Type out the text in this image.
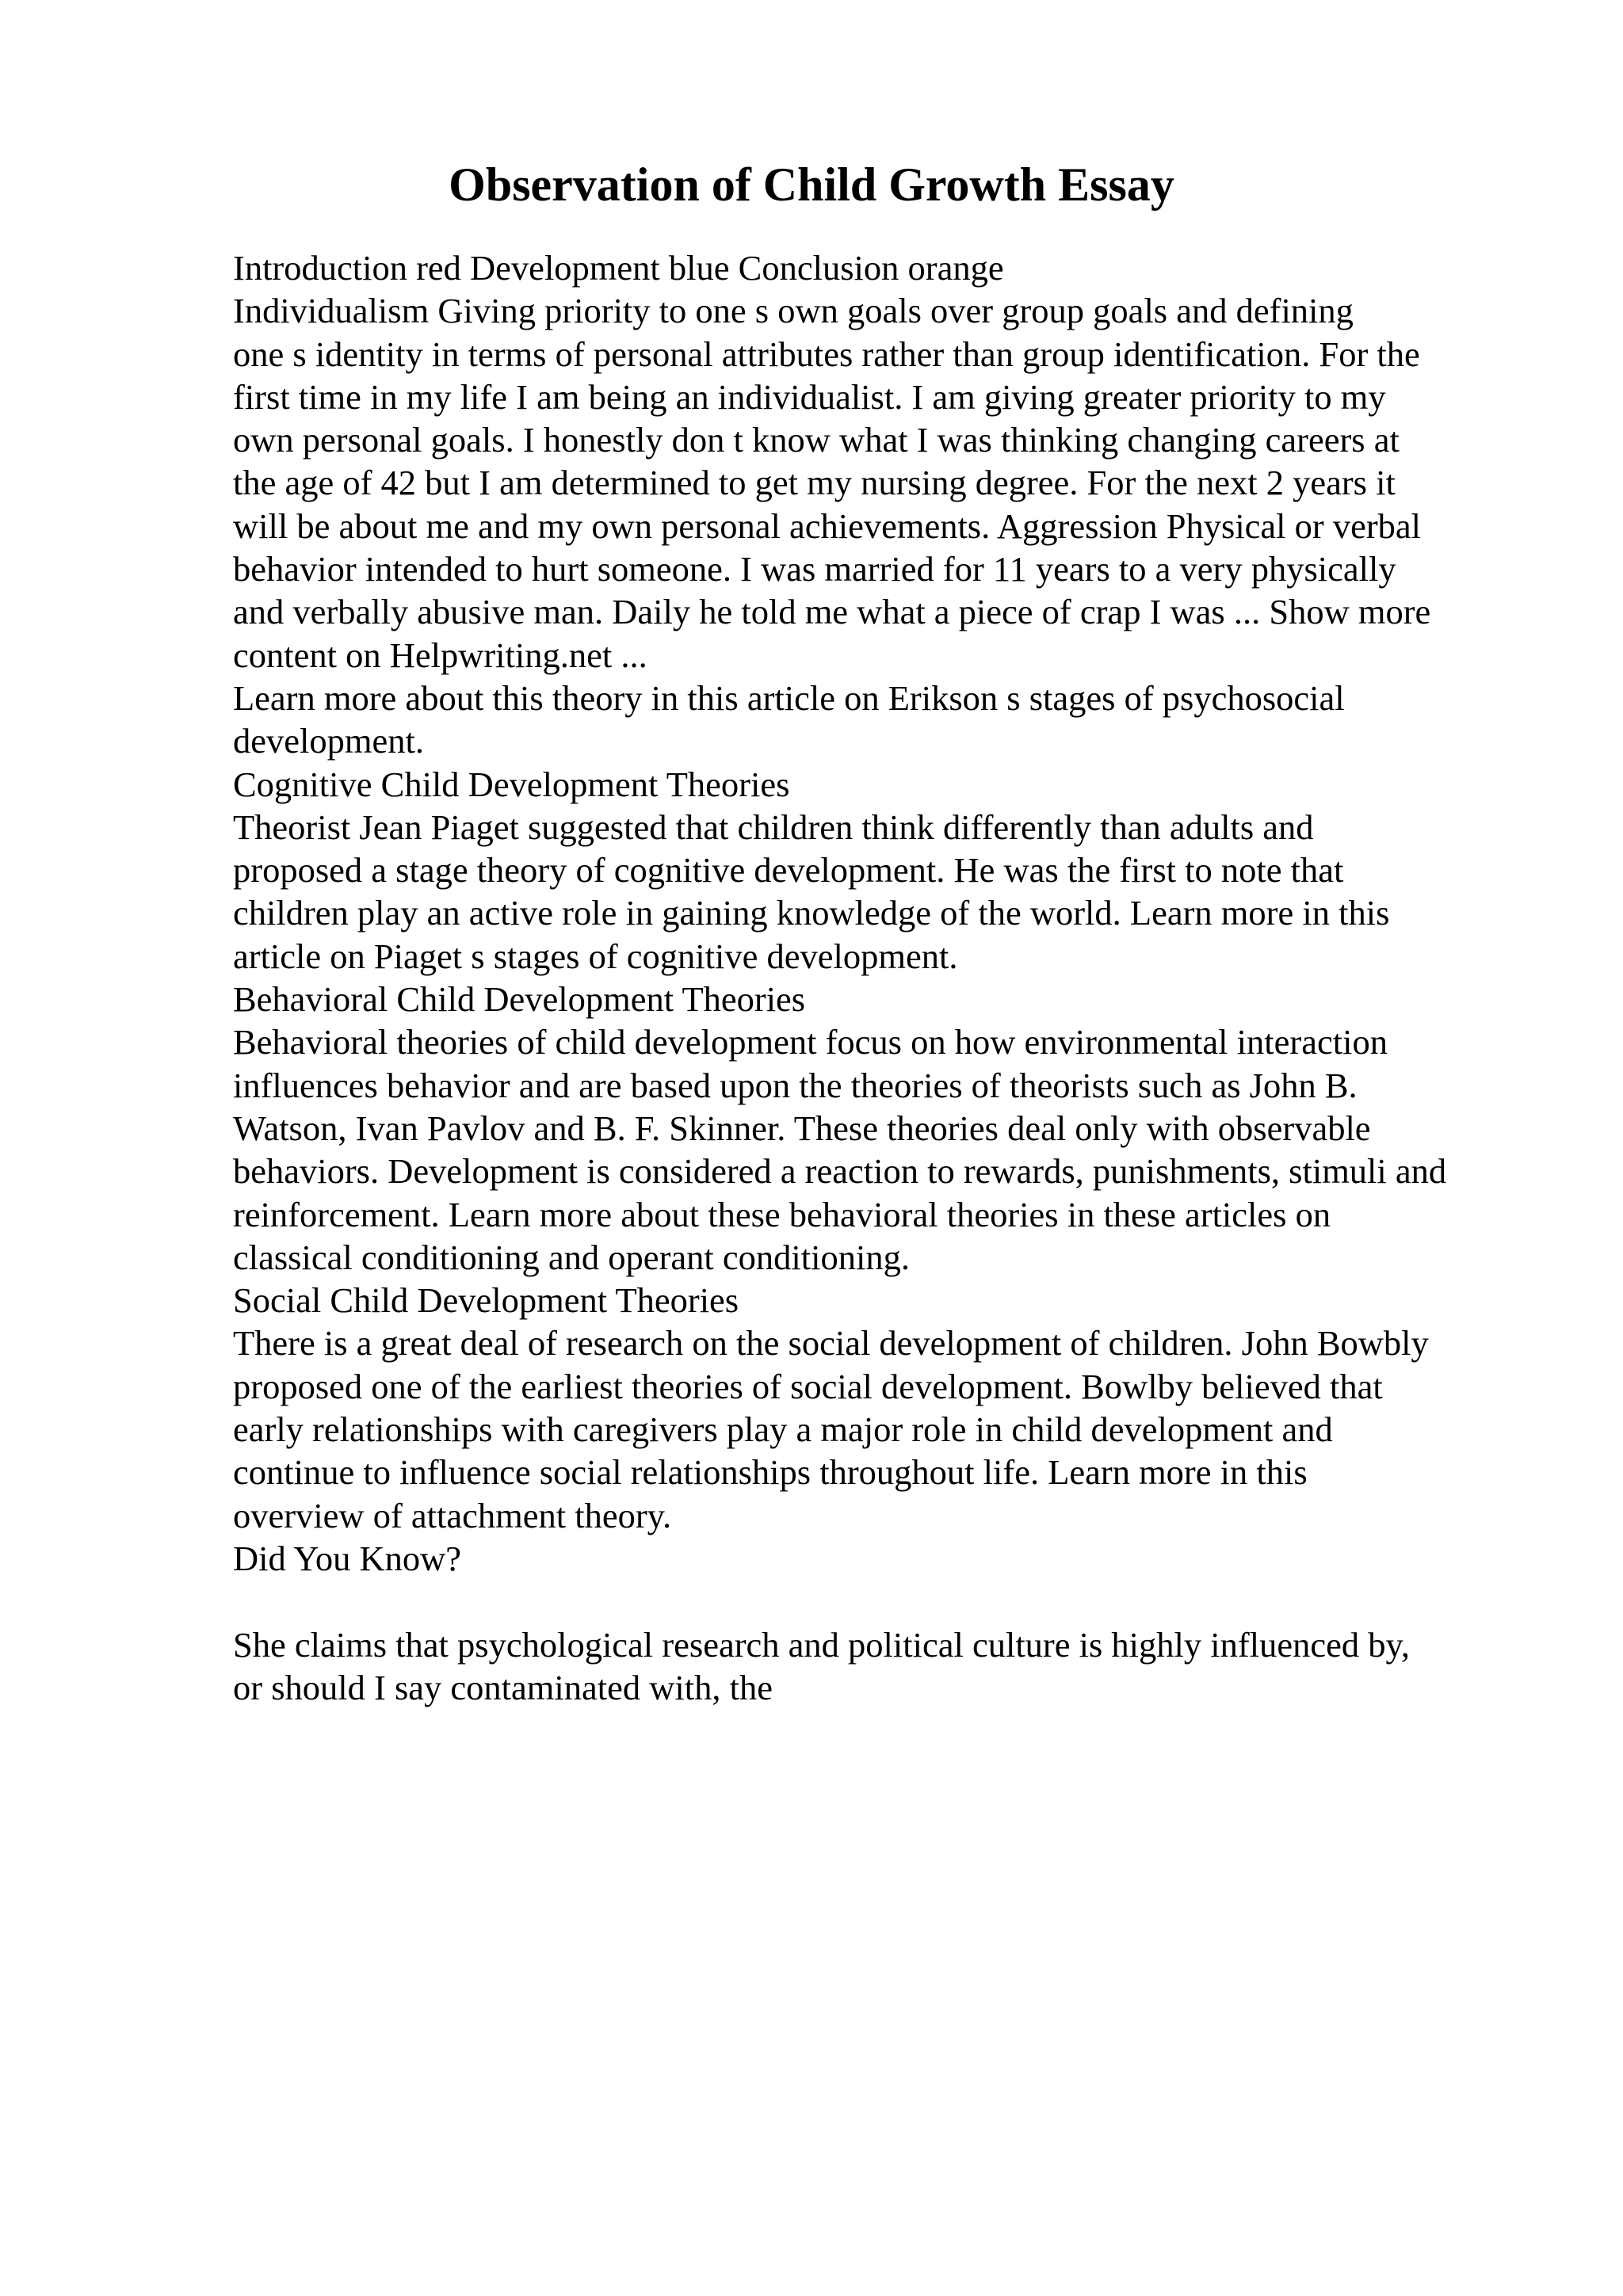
Observation of Child Growth Essay
Introduction red Development blue Conclusion orange
Individualism Giving priority to one s own goals over group goals and defining
one s identity in terms of personal attributes rather than group identification. For the
first time in my life I am being an individualist. I am giving greater priority to my
own personal goals. I honestly don t know what I was thinking changing careers at
the age of 42 but I am determined to get my nursing degree. For the next 2 years it
will be about me and my own personal achievements. Aggression Physical or verbal
behavior intended to hurt someone. I was married for 11 years to a very physically
and verbally abusive man. Daily he told me what a piece of crap I was ... Show more
content on Helpwriting.net ...
Learn more about this theory in this article on Erikson s stages of psychosocial
development.
Cognitive Child Development Theories
Theorist Jean Piaget suggested that children think differently than adults and
proposed a stage theory of cognitive development. He was the first to note that
children play an active role in gaining knowledge of the world. Learn more in this
article on Piaget s stages of cognitive development.
Behavioral Child Development Theories
Behavioral theories of child development focus on how environmental interaction
influences behavior and are based upon the theories of theorists such as John B.
Watson, Ivan Pavlov and B. F. Skinner. These theories deal only with observable
behaviors. Development is considered a reaction to rewards, punishments, stimuli and
reinforcement. Learn more about these behavioral theories in these articles on
classical conditioning and operant conditioning.
Social Child Development Theories
There is a great deal of research on the social development of children. John Bowbly
proposed one of the earliest theories of social development. Bowlby believed that
early relationships with caregivers play a major role in child development and
continue to influence social relationships throughout life. Learn more in this
overview of attachment theory.
Did You Know?
She claims that psychological research and political culture is highly influenced by,
or should I say contaminated with, the
